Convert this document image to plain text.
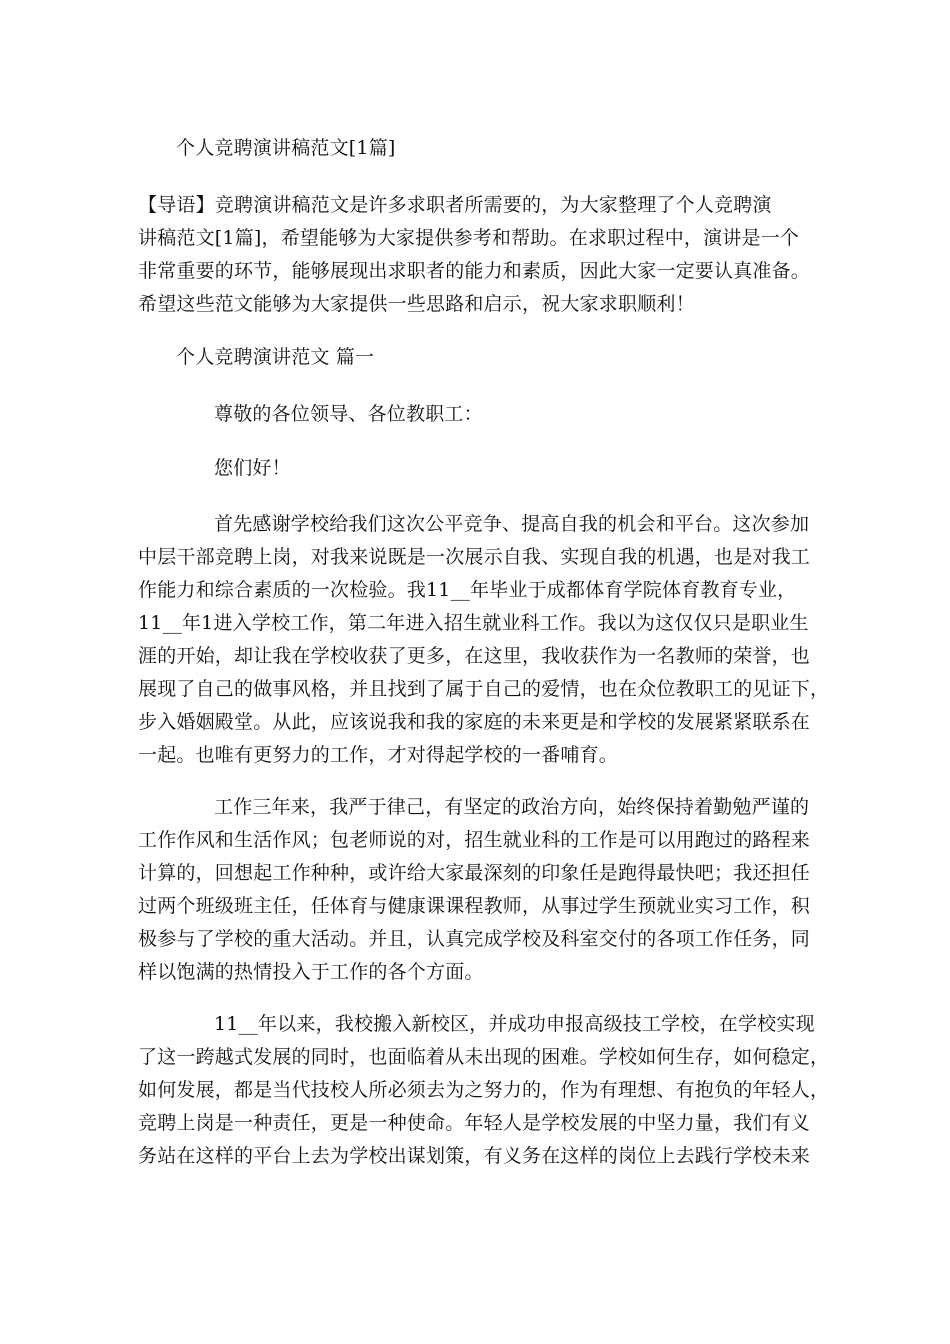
个人竞聘演讲稿范文[1篇]
【导语】竞聘演讲稿范文是许多求职者所需要的，为大家整理了个人竞聘演
讲稿范文[1篇]，希望能够为大家提供参考和帮助。在求职过程中，演讲是一个
非常重要的环节，能够展现出求职者的能力和素质，因此大家一定要认真准备。
希望这些范文能够为大家提供一些思路和启示，祝大家求职顺利！
个人竞聘演讲范文 篇一
尊敬的各位领导、各位教职工：
您们好！
首先感谢学校给我们这次公平竞争、提高自我的机会和平台。这次参加
中层干部竞聘上岗，对我来说既是一次展示自我、实现自我的机遇，也是对我工
作能力和综合素质的一次检验。我11__年毕业于成都体育学院体育教育专业，
11__年1进入学校工作，第二年进入招生就业科工作。我以为这仅仅只是职业生
涯的开始，却让我在学校收获了更多，在这里，我收获作为一名教师的荣誉，也
展现了自己的做事风格，并且找到了属于自己的爱情，也在众位教职工的见证下，
步入婚姻殿堂。从此，应该说我和我的家庭的未来更是和学校的发展紧紧联系在
一起。也唯有更努力的工作，才对得起学校的一番哺育。
工作三年来，我严于律己，有坚定的政治方向，始终保持着勤勉严谨的
工作作风和生活作风；包老师说的对，招生就业科的工作是可以用跑过的路程来
计算的，回想起工作种种，或许给大家最深刻的印象任是跑得最快吧；我还担任
过两个班级班主任，任体育与健康课课程教师，从事过学生预就业实习工作，积
极参与了学校的重大活动。并且，认真完成学校及科室交付的各项工作任务，同
样以饱满的热情投入于工作的各个方面。
11__年以来，我校搬入新校区，并成功申报高级技工学校，在学校实现
了这一跨越式发展的同时，也面临着从未出现的困难。学校如何生存，如何稳定，
如何发展，都是当代技校人所必须去为之努力的，作为有理想、有抱负的年轻人，
竞聘上岗是一种责任，更是一种使命。年轻人是学校发展的中坚力量，我们有义
务站在这样的平台上去为学校出谋划策，有义务在这样的岗位上去践行学校未来
